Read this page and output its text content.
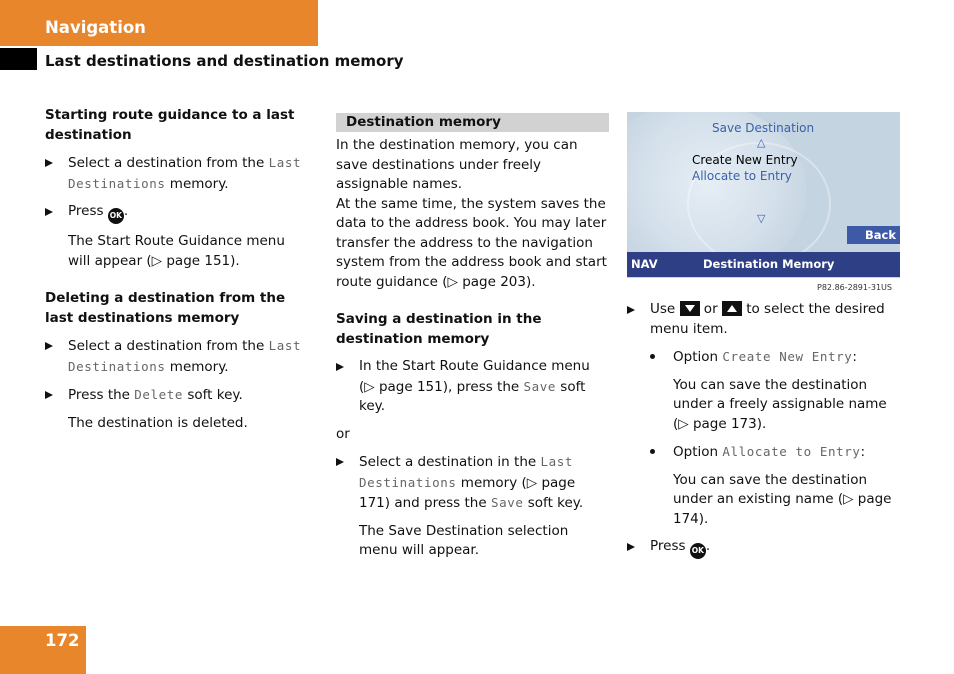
Navigation
Last destinations and destination memory

Starting route guidance to a last destination

Select a destination from the Last Destinations memory.

Press OK .

The Start Route Guidance menu will appear (▷ page 151).

Deleting a destination from the last destinations memory

Select a destination from the Last Destinations memory.

Press the Delete soft key.

The destination is deleted.

Destination memory

In the destination memory, you can save destinations under freely assignable names.

At the same time, the system saves the data to the address book. You may later transfer the address to the navigation system from the address book and start route guidance (▷ page 203).

Saving a destination in the destination memory

In the Start Route Guidance menu (▷ page 151), press the Save soft key.

or

Select a destination in the Last Destinations memory (▷ page 171) and press the Save soft key.

The Save Destination selection menu will appear.

Save Destination
△
Create New Entry
Allocate to Entry
▽
Back
NAV	Destination Memory
P82.86-2891-31US

Use
or
to select the desired menu item.

Option Create New Entry:

You can save the destination under a freely assignable name (▷ page 173).

Option Allocate to Entry:

You can save the destination under an existing name (▷ page 174).

Press OK .

172
